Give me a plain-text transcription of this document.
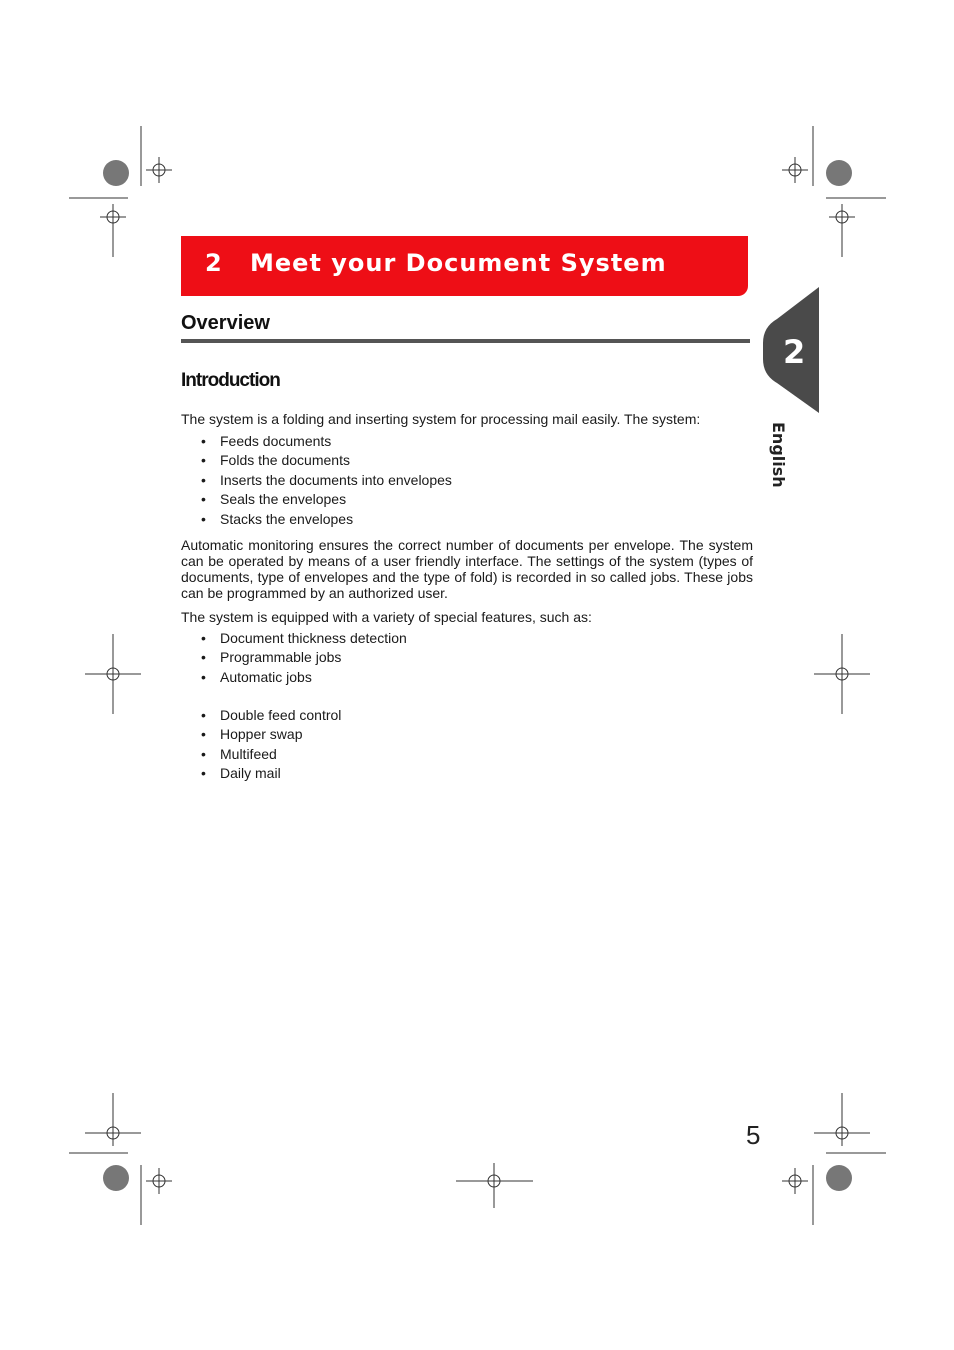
2 Meet your Document System
Overview
Introduction
The system is a folding and inserting system for processing mail easily. The system:
• Feeds documents
• Folds the documents
• Inserts the documents into envelopes
• Seals the envelopes
• Stacks the envelopes
Automatic monitoring ensures the correct number of documents per envelope. The system can be operated by means of a user friendly interface. The settings of the system (types of documents, type of envelopes and the type of fold) is recorded in so called jobs. These jobs can be programmed by an authorized user.
The system is equipped with a variety of special features, such as:
• Document thickness detection
• Programmable jobs
• Automatic jobs
• Double feed control
• Hopper swap
• Multifeed
• Daily mail
2
English
5
